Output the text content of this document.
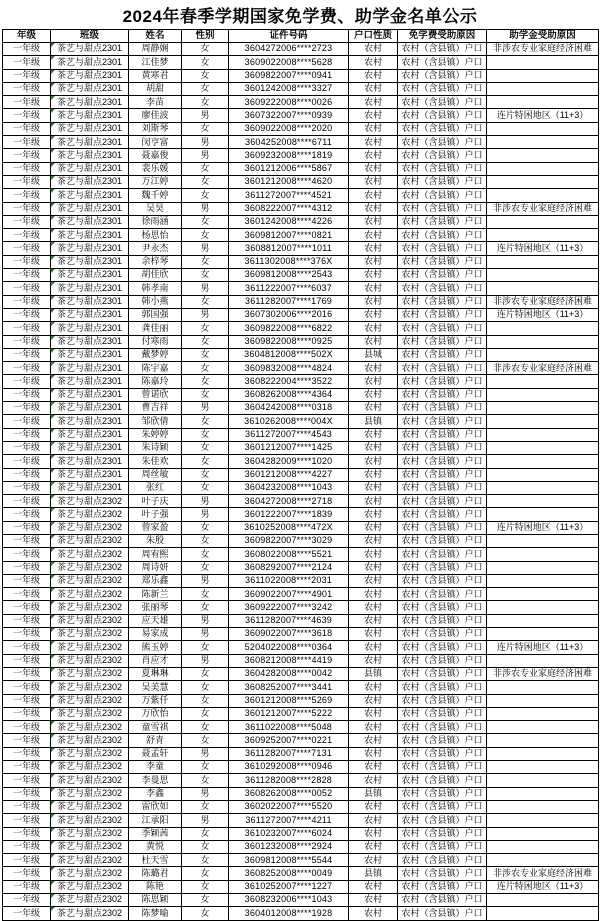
2024年春季学期国家免学费、助学金名单公示
年级	班级	姓名	性别	证件号码	户口性质	免学费受助原因	助学金受助原因
一年级	茶艺与甜点2301	周静娴	女	3604272006****2723	农村	农村（含县镇）户口	非涉农专业家庭经济困难
一年级	茶艺与甜点2301	江佳梦	女	3609022008****5628	农村	农村（含县镇）户口	
一年级	茶艺与甜点2301	黄寒君	女	3609822007****0941	农村	农村（含县镇）户口	
一年级	茶艺与甜点2301	胡甜	女	3601242008****3327	农村	农村（含县镇）户口	
一年级	茶艺与甜点2301	李苗	女	3609222008****0026	农村	农村（含县镇）户口	
一年级	茶艺与甜点2301	廖佳波	男	3607322007****0939	农村	农村（含县镇）户口	连片特困地区（11+3）
一年级	茶艺与甜点2301	刘斯琴	女	3609022008****2020	农村	农村（含县镇）户口	
一年级	茶艺与甜点2301	闵亨富	男	3604252008****6711	农村	农村（含县镇）户口	
一年级	茶艺与甜点2301	聂嘉俊	男	3609232008****1819	农村	农村（含县镇）户口	
一年级	茶艺与甜点2301	裴乐媛	女	3601212006****5867	农村	农村（含县镇）户口	
一年级	茶艺与甜点2301	万江婷	女	3601212008****4620	农村	农村（含县镇）户口	
一年级	茶艺与甜点2301	魏千婷	女	3611272007****4521	农村	农村（含县镇）户口	
一年级	茶艺与甜点2301	吴昊	男	3608222007****4312	农村	农村（含县镇）户口	非涉农专业家庭经济困难
一年级	茶艺与甜点2301	徐雨涵	女	3601242008****4226	农村	农村（含县镇）户口	
一年级	茶艺与甜点2301	杨思怡	女	3609812007****0821	农村	农村（含县镇）户口	
一年级	茶艺与甜点2301	尹永杰	男	3608812007****1011	农村	农村（含县镇）户口	连片特困地区（11+3）
一年级	茶艺与甜点2301	余梓琴	女	3611302008****376X	农村	农村（含县镇）户口	
一年级	茶艺与甜点2301	胡佳欣	女	3609812008****2543	农村	农村（含县镇）户口	
一年级	茶艺与甜点2301	韩孝南	男	3611222007****6037	农村	农村（含县镇）户口	
一年级	茶艺与甜点2301	韩小燕	女	3611282007****1769	农村	农村（含县镇）户口	非涉农专业家庭经济困难
一年级	茶艺与甜点2301	郭国强	男	3607302006****2016	农村	农村（含县镇）户口	连片特困地区（11+3）
一年级	茶艺与甜点2301	龚佳丽	女	3609822008****6822	农村	农村（含县镇）户口	
一年级	茶艺与甜点2301	付寒雨	女	3609822008****0925	农村	农村（含县镇）户口	
一年级	茶艺与甜点2301	戴梦婷	女	3604812008****502X	县城	农村（含县镇）户口	
一年级	茶艺与甜点2301	陈宇嘉	女	3609832008****4824	农村	农村（含县镇）户口	非涉农专业家庭经济困难
一年级	茶艺与甜点2301	陈嘉玲	女	3608222004****3522	农村	农村（含县镇）户口	
一年级	茶艺与甜点2301	曾诺欣	女	3608262008****4364	农村	农村（含县镇）户口	
一年级	茶艺与甜点2301	曹吉祥	男	3604242008****0318	农村	农村（含县镇）户口	
一年级	茶艺与甜点2301	邹欣倩	女	3610262008****004X	县镇	农村（含县镇）户口	
一年级	茶艺与甜点2301	朱婷婷	女	3611272007****4543	农村	农村（含县镇）户口	
一年级	茶艺与甜点2301	朱诗颖	女	3601212007****1425	农村	农村（含县镇）户口	
一年级	茶艺与甜点2301	朱佳欢	女	3604282009****1020	农村	农村（含县镇）户口	
一年级	茶艺与甜点2301	周丝敏	女	3601212008****4227	农村	农村（含县镇）户口	
一年级	茶艺与甜点2301	张红	女	3604232008****1043	农村	农村（含县镇）户口	
一年级	茶艺与甜点2302	叶子庆	男	3604272008****2718	农村	农村（含县镇）户口	
一年级	茶艺与甜点2302	叶子强	男	3601222007****1839	农村	农村（含县镇）户口	
一年级	茶艺与甜点2302	曾家盈	女	3610252008****472X	农村	农村（含县镇）户口	连片特困地区（11+3）
一年级	茶艺与甜点2302	朱殷	女	3609822007****3029	农村	农村（含县镇）户口	
一年级	茶艺与甜点2302	周宥熙	女	3608022008****5521	农村	农村（含县镇）户口	
一年级	茶艺与甜点2302	周诗妍	女	3608292007****2124	农村	农村（含县镇）户口	
一年级	茶艺与甜点2302	郑乐鑫	男	3611022008****2031	农村	农村（含县镇）户口	
一年级	茶艺与甜点2302	陈新兰	女	3609022007****4901	农村	农村（含县镇）户口	
一年级	茶艺与甜点2302	张丽琴	女	3609222007****3242	农村	农村（含县镇）户口	
一年级	茶艺与甜点2302	应天雄	男	3611282007****4639	农村	农村（含县镇）户口	
一年级	茶艺与甜点2302	易家成	男	3609022007****3618	农村	农村（含县镇）户口	
一年级	茶艺与甜点2302	熊玉婷	女	5204022008****0364	农村	农村（含县镇）户口	连片特困地区（11+3）
一年级	茶艺与甜点2302	肖应才	男	3608212008****4419	农村	农村（含县镇）户口	
一年级	茶艺与甜点2302	夏琳琳	女	3604282008****0042	县镇	农村（含县镇）户口	非涉农专业家庭经济困难
一年级	茶艺与甜点2302	吴美慧	女	3608252007****3441	农村	农村（含县镇）户口	
一年级	茶艺与甜点2302	万紫仟	女	3601212008****5269	农村	农村（含县镇）户口	
一年级	茶艺与甜点2302	万欣怡	女	3601212007****5222	农村	农村（含县镇）户口	
一年级	茶艺与甜点2302	童雪祺	女	3611022008****5048	农村	农村（含县镇）户口	
一年级	茶艺与甜点2302	舒青	女	3609252007****0221	农村	农村（含县镇）户口	
一年级	茶艺与甜点2302	聂孟轩	男	3611282007****7131	农村	农村（含县镇）户口	
一年级	茶艺与甜点2302	李童	女	3610292008****0946	农村	农村（含县镇）户口	
一年级	茶艺与甜点2302	李曼思	女	3611282008****2828	农村	农村（含县镇）户口	
一年级	茶艺与甜点2302	李鑫	男	3608262008****0052	县镇	农村（含县镇）户口	
一年级	茶艺与甜点2302	雷欣如	女	3602022007****5520	农村	农村（含县镇）户口	
一年级	茶艺与甜点2302	江承阳	男	3611272007****4211	农村	农村（含县镇）户口	
一年级	茶艺与甜点2302	季颖茜	女	3610232007****6024	农村	农村（含县镇）户口	
一年级	茶艺与甜点2302	黄悦	女	3601232008****2924	农村	农村（含县镇）户口	
一年级	茶艺与甜点2302	杜天雪	女	3609812008****5544	农村	农村（含县镇）户口	
一年级	茶艺与甜点2302	陈璐君	女	3608252008****0049	县镇	农村（含县镇）户口	非涉农专业家庭经济困难
一年级	茶艺与甜点2302	陈艳	女	3610252007****1227	农村	农村（含县镇）户口	连片特困地区（11+3）
一年级	茶艺与甜点2302	陈思颖	女	3608232006****1043	农村	农村（含县镇）户口	
一年级	茶艺与甜点2302	陈梦喻	女	3604012008****1928	农村	农村（含县镇）户口	
